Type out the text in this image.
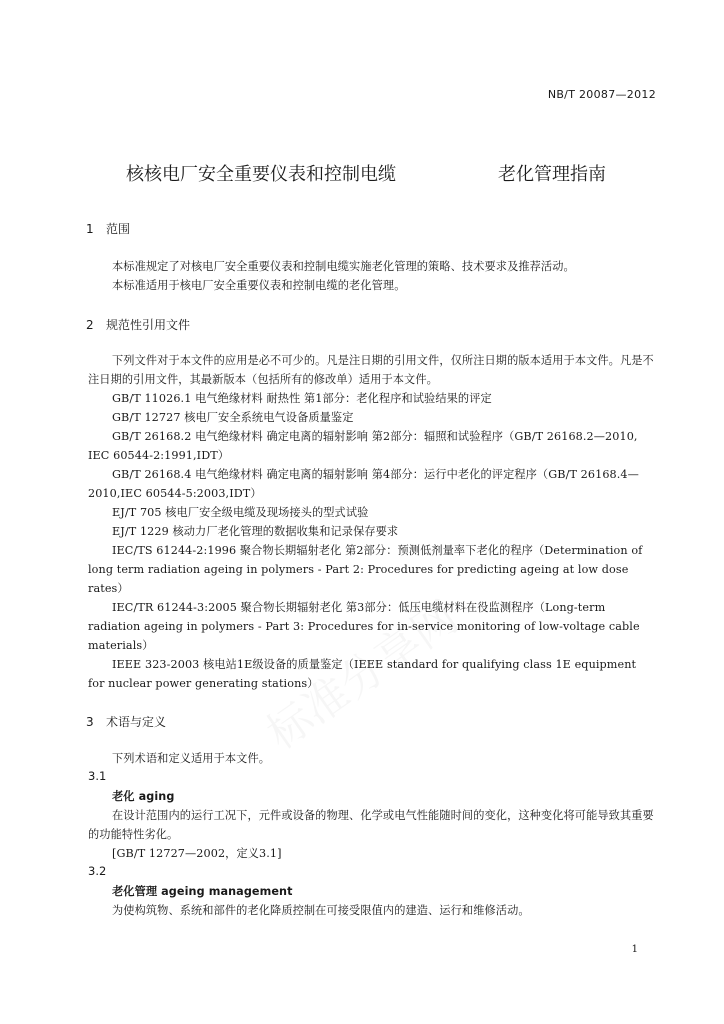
NB/T 20087—2012
核核电厂安全重要仪表和控制电缆	老化管理指南
1 范围
本标准规定了对核电厂安全重要仪表和控制电缆实施老化管理的策略、技术要求及推荐活动。
本标准适用于核电厂安全重要仪表和控制电缆的老化管理。
2 规范性引用文件
下列文件对于本文件的应用是必不可少的。凡是注日期的引用文件，仅所注日期的版本适用于本文件。凡是不注日期的引用文件，其最新版本（包括所有的修改单）适用于本文件。
GB/T 11026.1 电气绝缘材料 耐热性 第1部分：老化程序和试验结果的评定
GB/T 12727 核电厂安全系统电气设备质量鉴定
GB/T 26168.2 电气绝缘材料 确定电离的辐射影响 第2部分：辐照和试验程序（GB/T 26168.2—2010, IEC 60544-2:1991,IDT）
GB/T 26168.4 电气绝缘材料 确定电离的辐射影响 第4部分：运行中老化的评定程序（GB/T 26168.4—2010,IEC 60544-5:2003,IDT）
EJ/T 705 核电厂安全级电缆及现场接头的型式试验
EJ/T 1229 核动力厂老化管理的数据收集和记录保存要求
IEC/TS 61244-2:1996 聚合物长期辐射老化 第2部分：预测低剂量率下老化的程序（Determination of long term radiation ageing in polymers - Part 2: Procedures for predicting ageing at low dose rates）
IEC/TR 61244-3:2005 聚合物长期辐射老化 第3部分：低压电缆材料在役监测程序（Long-term radiation ageing in polymers - Part 3: Procedures for in-service monitoring of low-voltage cable materials）
IEEE 323-2003 核电站1E级设备的质量鉴定（IEEE standard for qualifying class 1E equipment for nuclear power generating stations）
3 术语与定义
下列术语和定义适用于本文件。
3.1
老化 aging
在设计范围内的运行工况下，元件或设备的物理、化学或电气性能随时间的变化，这种变化将可能导致其重要的功能特性劣化。
[GB/T 12727—2002，定义3.1]
3.2
老化管理 ageing management
为使构筑物、系统和部件的老化降质控制在可接受限值内的建造、运行和维修活动。
1
